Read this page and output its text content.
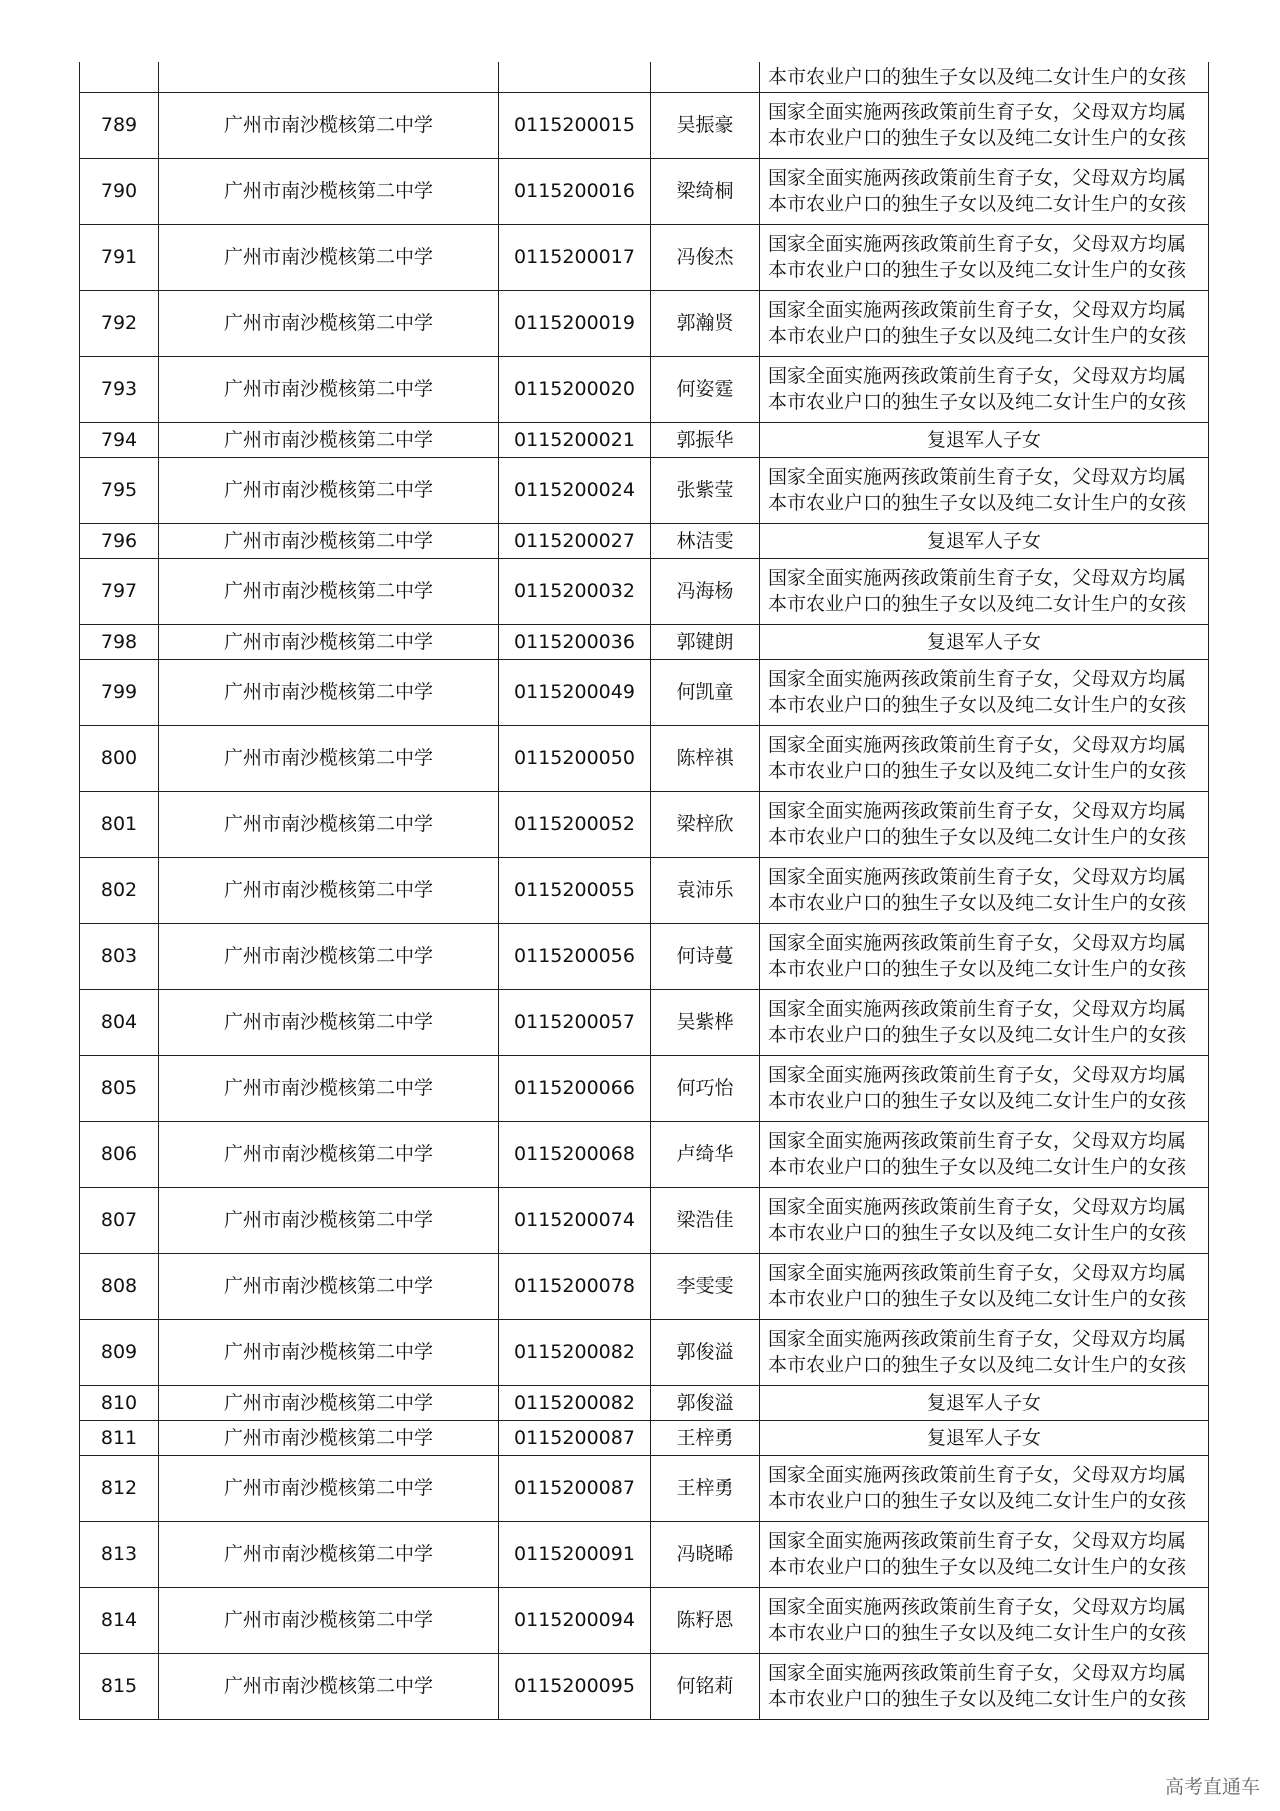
				本市农业户口的独生子女以及纯二女计生户的女孩
789	广州市南沙榄核第二中学	0115200015	吴振豪	国家全面实施两孩政策前生育子女，父母双方均属本市农业户口的独生子女以及纯二女计生户的女孩
790	广州市南沙榄核第二中学	0115200016	梁绮桐	国家全面实施两孩政策前生育子女，父母双方均属本市农业户口的独生子女以及纯二女计生户的女孩
791	广州市南沙榄核第二中学	0115200017	冯俊杰	国家全面实施两孩政策前生育子女，父母双方均属本市农业户口的独生子女以及纯二女计生户的女孩
792	广州市南沙榄核第二中学	0115200019	郭瀚贤	国家全面实施两孩政策前生育子女，父母双方均属本市农业户口的独生子女以及纯二女计生户的女孩
793	广州市南沙榄核第二中学	0115200020	何姿霆	国家全面实施两孩政策前生育子女，父母双方均属本市农业户口的独生子女以及纯二女计生户的女孩
794	广州市南沙榄核第二中学	0115200021	郭振华	复退军人子女
795	广州市南沙榄核第二中学	0115200024	张紫莹	国家全面实施两孩政策前生育子女，父母双方均属本市农业户口的独生子女以及纯二女计生户的女孩
796	广州市南沙榄核第二中学	0115200027	林洁雯	复退军人子女
797	广州市南沙榄核第二中学	0115200032	冯海杨	国家全面实施两孩政策前生育子女，父母双方均属本市农业户口的独生子女以及纯二女计生户的女孩
798	广州市南沙榄核第二中学	0115200036	郭键朗	复退军人子女
799	广州市南沙榄核第二中学	0115200049	何凯童	国家全面实施两孩政策前生育子女，父母双方均属本市农业户口的独生子女以及纯二女计生户的女孩
800	广州市南沙榄核第二中学	0115200050	陈梓祺	国家全面实施两孩政策前生育子女，父母双方均属本市农业户口的独生子女以及纯二女计生户的女孩
801	广州市南沙榄核第二中学	0115200052	梁梓欣	国家全面实施两孩政策前生育子女，父母双方均属本市农业户口的独生子女以及纯二女计生户的女孩
802	广州市南沙榄核第二中学	0115200055	袁沛乐	国家全面实施两孩政策前生育子女，父母双方均属本市农业户口的独生子女以及纯二女计生户的女孩
803	广州市南沙榄核第二中学	0115200056	何诗蔓	国家全面实施两孩政策前生育子女，父母双方均属本市农业户口的独生子女以及纯二女计生户的女孩
804	广州市南沙榄核第二中学	0115200057	吴紫桦	国家全面实施两孩政策前生育子女，父母双方均属本市农业户口的独生子女以及纯二女计生户的女孩
805	广州市南沙榄核第二中学	0115200066	何巧怡	国家全面实施两孩政策前生育子女，父母双方均属本市农业户口的独生子女以及纯二女计生户的女孩
806	广州市南沙榄核第二中学	0115200068	卢绮华	国家全面实施两孩政策前生育子女，父母双方均属本市农业户口的独生子女以及纯二女计生户的女孩
807	广州市南沙榄核第二中学	0115200074	梁浩佳	国家全面实施两孩政策前生育子女，父母双方均属本市农业户口的独生子女以及纯二女计生户的女孩
808	广州市南沙榄核第二中学	0115200078	李雯雯	国家全面实施两孩政策前生育子女，父母双方均属本市农业户口的独生子女以及纯二女计生户的女孩
809	广州市南沙榄核第二中学	0115200082	郭俊溢	国家全面实施两孩政策前生育子女，父母双方均属本市农业户口的独生子女以及纯二女计生户的女孩
810	广州市南沙榄核第二中学	0115200082	郭俊溢	复退军人子女
811	广州市南沙榄核第二中学	0115200087	王梓勇	复退军人子女
812	广州市南沙榄核第二中学	0115200087	王梓勇	国家全面实施两孩政策前生育子女，父母双方均属本市农业户口的独生子女以及纯二女计生户的女孩
813	广州市南沙榄核第二中学	0115200091	冯晓晞	国家全面实施两孩政策前生育子女，父母双方均属本市农业户口的独生子女以及纯二女计生户的女孩
814	广州市南沙榄核第二中学	0115200094	陈籽恩	国家全面实施两孩政策前生育子女，父母双方均属本市农业户口的独生子女以及纯二女计生户的女孩
815	广州市南沙榄核第二中学	0115200095	何铭莉	国家全面实施两孩政策前生育子女，父母双方均属本市农业户口的独生子女以及纯二女计生户的女孩
高考直通车
